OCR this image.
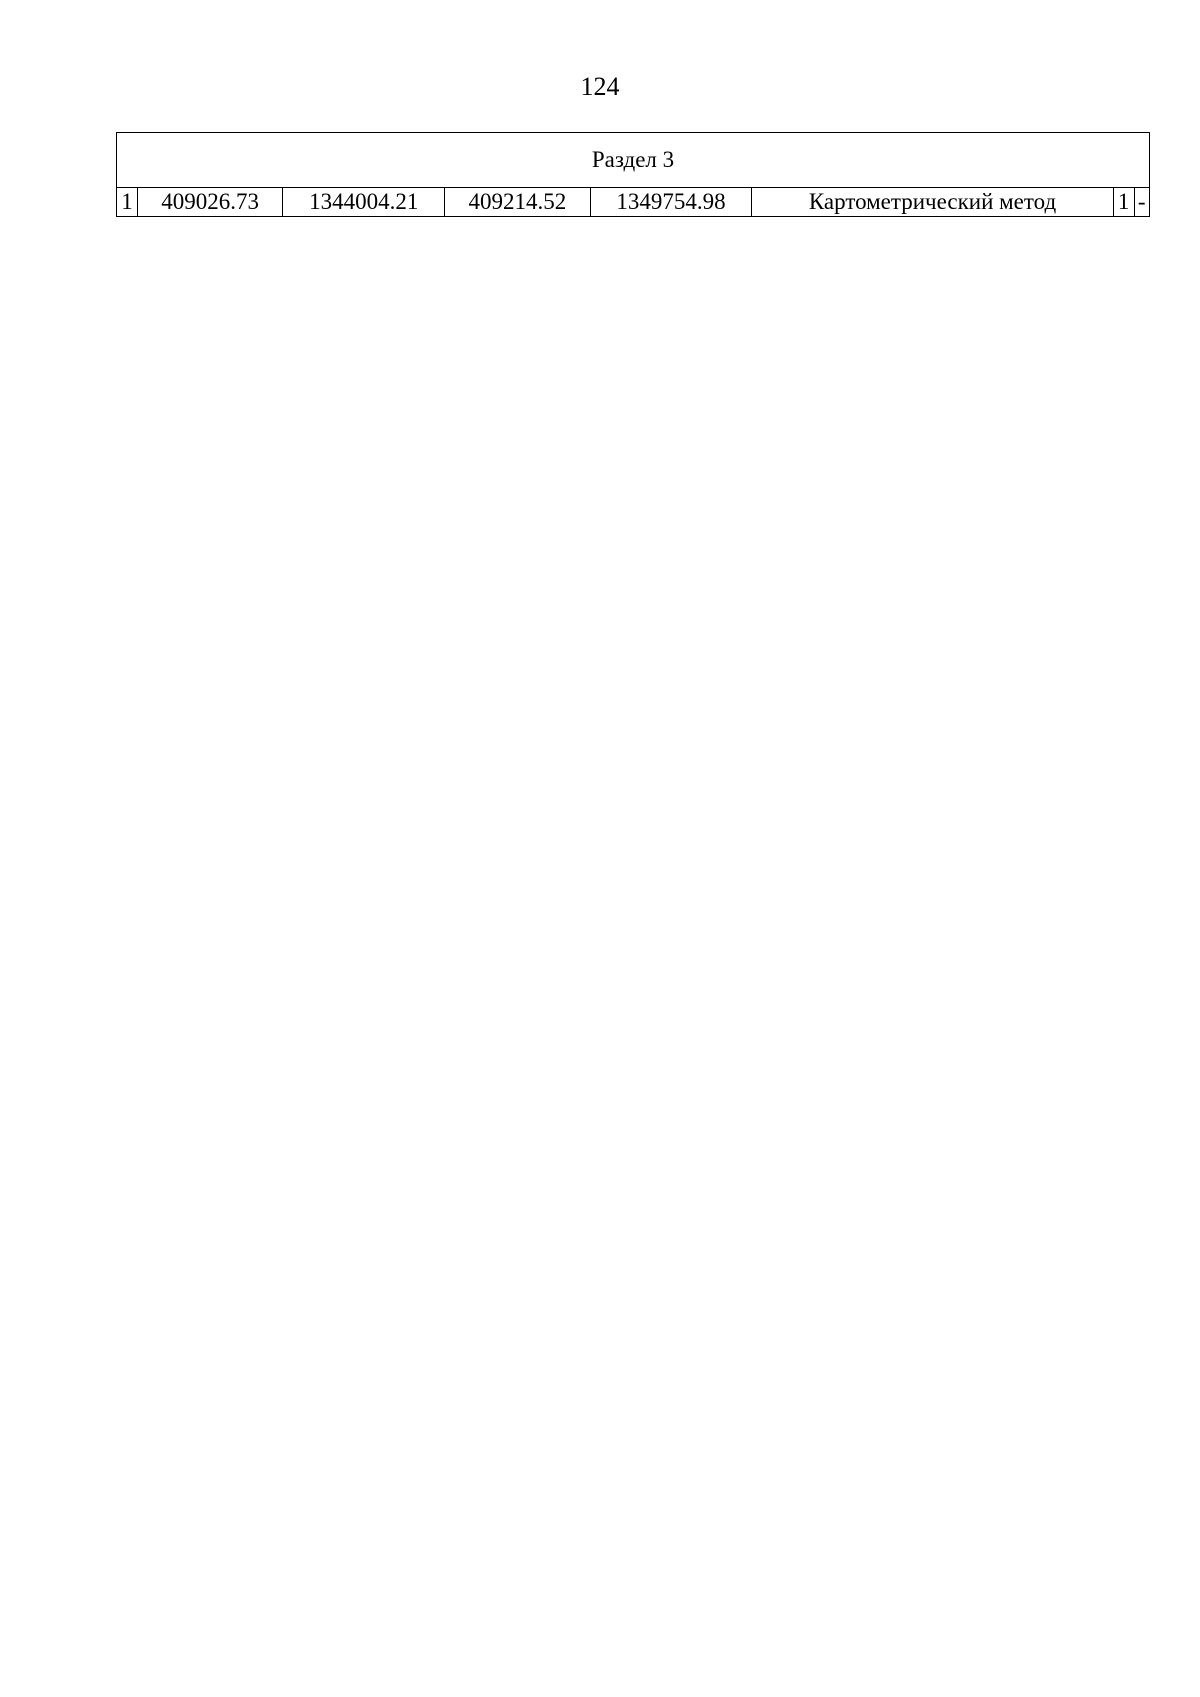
124
Раздел 3
1	409026.73	1344004.21	409214.52	1349754.98	Картометрический метод	1	-
